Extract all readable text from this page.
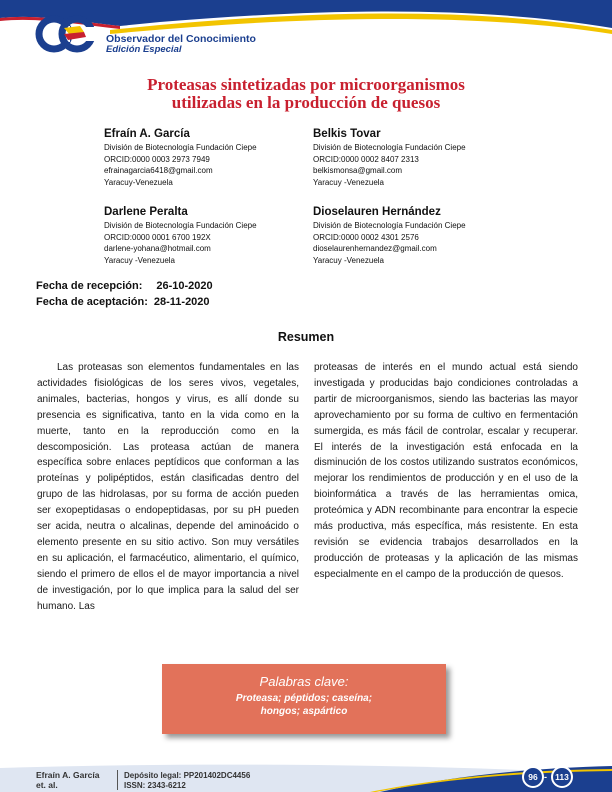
Observador del Conocimiento
Edición Especial
Proteasas sintetizadas por microorganismos
utilizadas en la producción de quesos
Efraín A. García
División de Biotecnología Fundación Ciepe
ORCID:0000 0003 2973 7949
efrainagarcia6418@gmail.com
Yaracuy-Venezuela
Belkis Tovar
División de Biotecnología Fundación Ciepe
ORCID:0000 0002 8407 2313
belkismonsa@gmail.com
Yaracuy -Venezuela
Darlene Peralta
División de Biotecnología Fundación Ciepe
ORCID:0000 0001 6700 192X
darlene-yohana@hotmail.com
Yaracuy -Venezuela
Dioselauren Hernández
División de Biotecnología Fundación Ciepe
ORCID:0000 0002 4301 2576
dioselaurenhernandez@gmail.com
Yaracuy -Venezuela
Fecha de recepción: 26-10-2020
Fecha de aceptación: 28-11-2020
Resumen
Las proteasas son elementos fundamentales en las actividades fisiológicas de los seres vivos, vegetales, animales, bacterias, hongos y virus, es allí donde su presencia es significativa, tanto en la vida como en la muerte, tanto en la reproducción como en la descomposición. Las proteasa actúan de manera específica sobre enlaces peptídicos que conforman a las proteínas y polipéptidos, están clasificadas dentro del grupo de las hidrolasas, por su forma de acción pueden ser exopeptidasas o endopeptidasas, por su pH pueden ser acida, neutra o alcalinas, depende del aminoácido o elemento presente en su sitio activo. Son muy versátiles en su aplicación, el farmacéutico, alimentario, el químico, siendo el primero de ellos el de mayor importancia a nivel de investigación, por lo que implica para la salud del ser humano. Las
proteasas de interés en el mundo actual está siendo investigada y producidas bajo condiciones controladas a partir de microorganismos, siendo las bacterias las mayor aprovechamiento por su forma de cultivo en fermentación sumergida, es más fácil de controlar, escalar y recuperar. El interés de la investigación está enfocada en la disminución de los costos utilizando sustratos económicos, mejorar los rendimientos de producción y en el uso de la bioinformática a través de las herramientas omica, proteómica y ADN recombinante para encontrar la especie más productiva, más específica, más resistente. En esta revisión se evidencia trabajos desarrollados en la producción de proteasas y la aplicación de las mismas especialmente en el campo de la producción de quesos.
Palabras clave:
Proteasa; péptidos; caseína;
hongos; aspártico
Efraín A. García
et. al.
Depósito legal: PP201402DC4456
ISSN: 2343-6212
96 - 113
